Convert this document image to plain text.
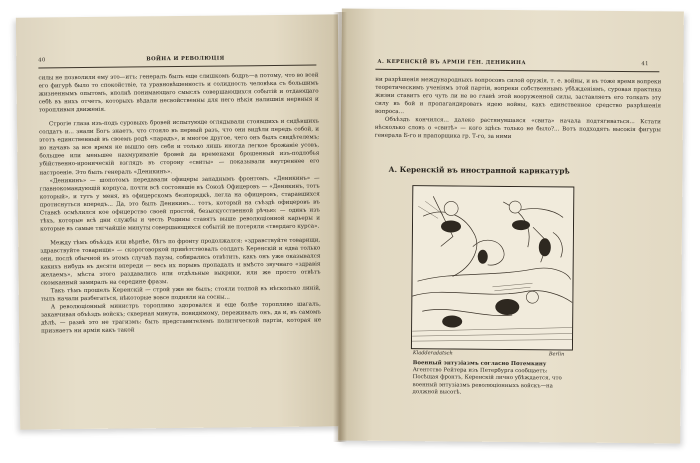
40	ВОЙНА И РЕВОЛЮЦІЯ

силы не позволили ему это—итъ: генералъ былъ еще слишкомъ бодръ—а потому, что во всей его фигурѣ было то спокойствіе, та уравновѣшенность и солидность человѣка съ большимъ жизненнымъ опытомъ, вполнѣ понимающаго смыслъ совершающихся событій и отдающаго себѣ въ нихъ отчетъ, которыхъ вѣдали несвойственны для него нѣкія налишнія нервныя и торопливыя движенія.

Строгіе глаза изъ-подъ суровыхъ бровей испытующе оглядывали стоявшихъ и сидѣвшихъ солдатъ и... знали Богъ знаетъ, что стояло въ первый разъ, что они видѣли передъ собой, и этотъ единственный въ своемъ родѣ «парадъ», и многое другое, чего онъ былъ свидѣтелемъ; но начавъ за все время не вышло онъ себя и только лишь иногда легкое брожаніе усовъ, большее или меньшее нахмуриваніе бровей да временами брошенный изъ-подлобья убійственно-ироническій взглядъ въ сторону «свиты» — показывали внутреннее его настроеніе. Это былъ генералъ «Деникинъ».

«Деникинъ» — шопотомъ передавали офицеры западнымъ фронтомъ. «Деникинъ» — главнокомандующій корпуса, почти всѣ состоявшіе въ Союзѣ Офицеровъ — «Деникинъ, тотъ который», и тутъ у меня, въ офицерскомъ безпорядкѣ, легла на офицеровъ, старавшихся протиснуться впередъ... Да, это былъ Деникинъ... тотъ, который на съѣздѣ офицеровъ въ Ставкѣ осмѣлился кое офицерство своей простой, безыскусственной рѣчью: — одинъ изъ тѣхъ, которые всѣ дни службы и честь Родины ставятъ выше революціонной карьеры и которые въ самые тягчайшіе минуты совершающихся событій не потеряли «твердаго курса».

Между тѣмъ объѣздъ или вѣрнѣе, бѣгъ по фронту продолжался: «здравствуйте товарищи, здравствуйте товарищи» — скороговоркой привѣтствовалъ солдатъ Керенскій и едва только они, послѣ обычной въ этомъ случаѣ паузы, собирались отвѣтить, какъ онъ уже оказывался какихъ нибудь въ десяти впереди — весь их порывъ пропадалъ и вмѣсто звучнаго «здравія желаемъ», мѣста этого раздавались или отдѣльные выкрики, или же просто отвѣтъ скомканный замиралъ на середине фразы.

Такъ тѣмъ прошелъ Керенскій — строй уже не былъ; стояли толпой въ нѣсколько линій, тылъ начали разбегаться, нѣкоторые вовсе подняли на сосны...

А революціонный министръ торопливо здоровался и еще болѣе торопливо шагалъ, заканчивая объѣздъ войскъ; скверная минута, повидимому, переживалъ онъ, да и, въ самомъ дѣлѣ, — развѣ это не трагизмъ: быть представителемъ политической партіи, которая не признаетъ ни арміи какъ такой

А. КЕРЕНСКІЙ ВЪ АРМІИ ГЕН. ДЕНИКИНА	41

ни разрѣшенія международныхъ вопросовъ силой оружія, т. е. войны, и въ тоже время вопреки теоретическимъ ученіямъ этой партіи, вопреки собственнымъ убѣжденіямъ, суровая практика жизни ставитъ его чуть ли не во главѣ этой вооруженной силы, заставляетъ его толкать эту силу въ бой и пропагандировать идею войны, какъ единственное средство разрѣшенія вопроса...

Объѣздъ кончился... далеко растянувшаяся «свита» начала подтягиваться... Кстати нѣсколько словъ о «свитѣ» — кого здѣсь только не было?... Вотъ подходятъ высокія фигуры генерала Б-го и прапорщика гр. Т-го, за ними

А. Керенскій въ иностранной карикатурѣ
Kladderadatsch	Berlin
Военный энтузіазмъ согласно Потемкину
Агентство Рейтера изъ Петербурга сообщаетъ:
Посѣщая фронтъ, Керенскій лично убѣждается, что военный энтузіазмъ революціонныхъ войскъ—на должной высотѣ.
